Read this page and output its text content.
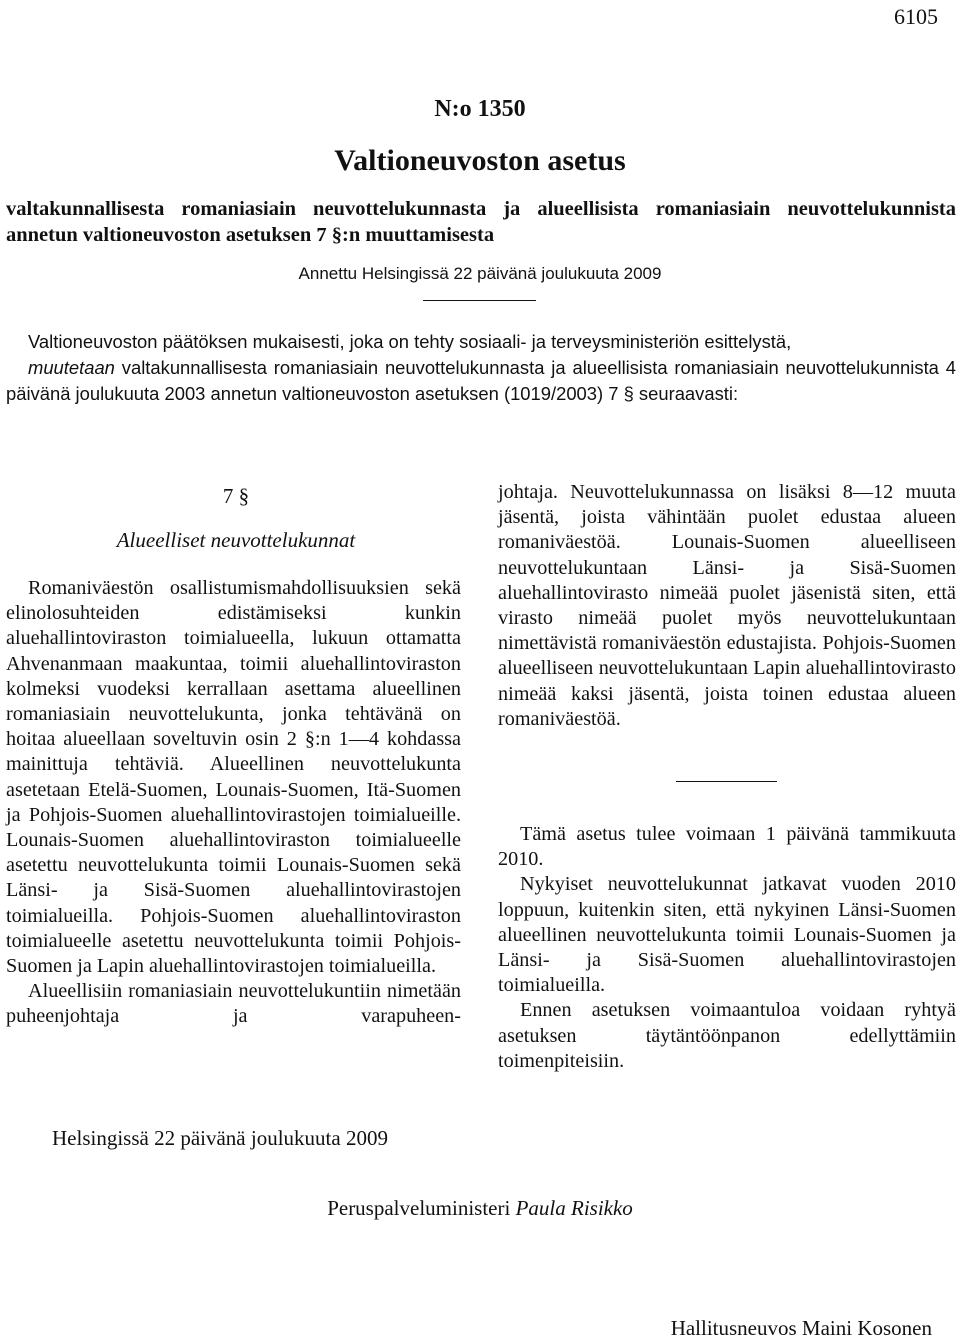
6105
N:o 1350
Valtioneuvoston asetus
valtakunnallisesta romaniasiain neuvottelukunnasta ja alueellisista romaniasiain neuvottelukunnista annetun valtioneuvoston asetuksen 7 §:n muuttamisesta
Annettu Helsingissä 22 päivänä joulukuuta 2009

Valtioneuvoston päätöksen mukaisesti, joka on tehty sosiaali- ja terveysministeriön esittelystä,

muutetaan valtakunnallisesta romaniasiain neuvottelukunnasta ja alueellisista romaniasiain neuvottelukunnista 4 päivänä joulukuuta 2003 annetun valtioneuvoston asetuksen (1019/2003) 7 § seuraavasti:

7 §
Alueelliset neuvottelukunnat

Romaniväestön osallistumismahdollisuuksien sekä elinolosuhteiden edistämiseksi kunkin aluehallintoviraston toimialueella, lukuun ottamatta Ahvenanmaan maakuntaa, toimii aluehallintoviraston kolmeksi vuodeksi kerrallaan asettama alueellinen romaniasiain neuvottelukunta, jonka tehtävänä on hoitaa alueellaan soveltuvin osin 2 §:n 1—4 kohdassa mainittuja tehtäviä. Alueellinen neuvottelukunta asetetaan Etelä-Suomen, Lounais-Suomen, Itä-Suomen ja Pohjois-Suomen aluehallintovirastojen toimialueille. Lounais-Suomen aluehallintoviraston toimialueelle asetettu neuvottelukunta toimii Lounais-Suomen sekä Länsi- ja Sisä-Suomen aluehallintovirastojen toimialueilla. Pohjois-Suomen aluehallintoviraston toimialueelle asetettu neuvottelukunta toimii Pohjois-Suomen ja Lapin aluehallintovirastojen toimialueilla.

Alueellisiin romaniasiain neuvottelukuntiin nimetään puheenjohtaja ja varapuheen-

johtaja. Neuvottelukunnassa on lisäksi 8—12 muuta jäsentä, joista vähintään puolet edustaa alueen romaniväestöä. Lounais-Suomen alueelliseen neuvottelukuntaan Länsi- ja Sisä-Suomen aluehallintovirasto nimeää puolet jäsenistä siten, että virasto nimeää puolet myös neuvottelukuntaan nimettävistä romaniväestön edustajista. Pohjois-Suomen alueelliseen neuvottelukuntaan Lapin aluehallintovirasto nimeää kaksi jäsentä, joista toinen edustaa alueen romaniväestöä.

Tämä asetus tulee voimaan 1 päivänä tammikuuta 2010.

Nykyiset neuvottelukunnat jatkavat vuoden 2010 loppuun, kuitenkin siten, että nykyinen Länsi-Suomen alueellinen neuvottelukunta toimii Lounais-Suomen ja Länsi- ja Sisä-Suomen aluehallintovirastojen toimialueilla.

Ennen asetuksen voimaantuloa voidaan ryhtyä asetuksen täytäntöönpanon edellyttämiin toimenpiteisiin.

Helsingissä 22 päivänä joulukuuta 2009
Peruspalveluministeri Paula Risikko
Hallitusneuvos Maini Kosonen
